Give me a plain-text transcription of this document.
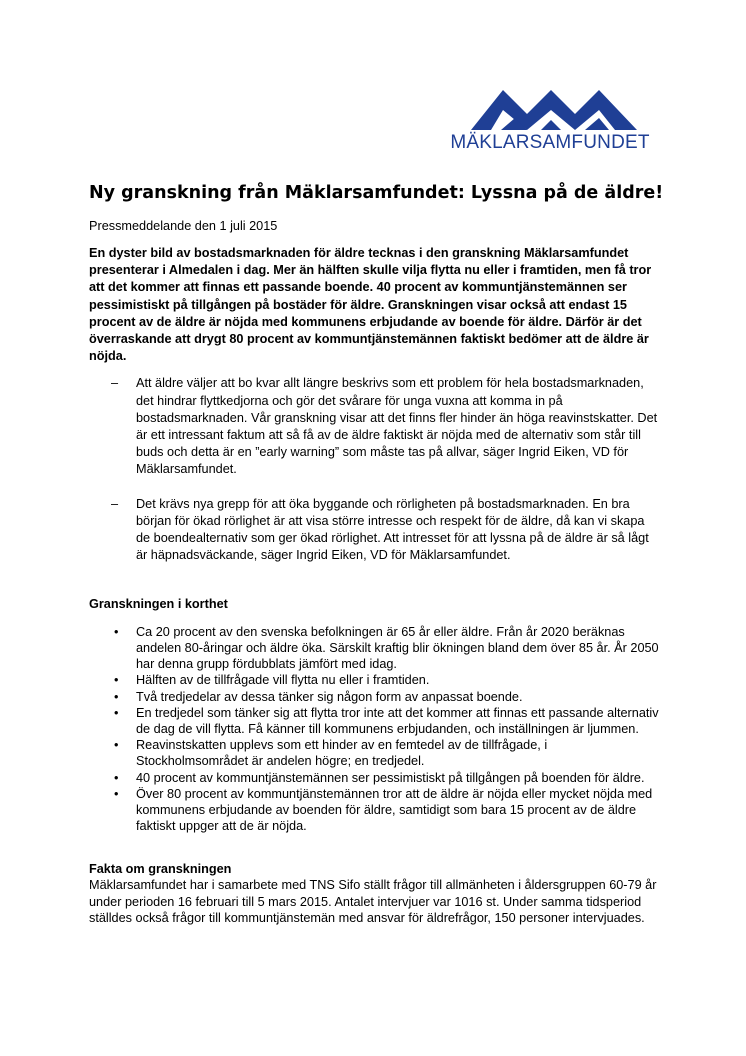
MÄKLARSAMFUNDET
Ny granskning från Mäklarsamfundet: Lyssna på de äldre!
Pressmeddelande den 1 juli 2015
En dyster bild av bostadsmarknaden för äldre tecknas i den granskning Mäklarsamfundet presenterar i Almedalen i dag. Mer än hälften skulle vilja flytta nu eller i framtiden, men få tror att det kommer att finnas ett passande boende. 40 procent av kommuntjänstemännen ser pessimistiskt på tillgången på bostäder för äldre. Granskningen visar också att endast 15 procent av de äldre är nöjda med kommunens erbjudande av boende för äldre. Därför är det överraskande att drygt 80 procent av kommuntjänstemännen faktiskt bedömer att de äldre är nöjda.
– Att äldre väljer att bo kvar allt längre beskrivs som ett problem för hela bostadsmarknaden, det hindrar flyttkedjorna och gör det svårare för unga vuxna att komma in på bostadsmarknaden. Vår granskning visar att det finns fler hinder än höga reavinstskatter. Det är ett intressant faktum att så få av de äldre faktiskt är nöjda med de alternativ som står till buds och detta är en ”early warning” som måste tas på allvar, säger Ingrid Eiken, VD för Mäklarsamfundet.
– Det krävs nya grepp för att öka byggande och rörligheten på bostadsmarknaden. En bra början för ökad rörlighet är att visa större intresse och respekt för de äldre, då kan vi skapa de boendealternativ som ger ökad rörlighet. Att intresset för att lyssna på de äldre är så lågt är häpnadsväckande, säger Ingrid Eiken, VD för Mäklarsamfundet.
Granskningen i korthet
• Ca 20 procent av den svenska befolkningen är 65 år eller äldre. Från år 2020 beräknas andelen 80-åringar och äldre öka. Särskilt kraftig blir ökningen bland dem över 85 år. År 2050 har denna grupp fördubblats jämfört med idag.
• Hälften av de tillfrågade vill flytta nu eller i framtiden.
• Två tredjedelar av dessa tänker sig någon form av anpassat boende.
• En tredjedel som tänker sig att flytta tror inte att det kommer att finnas ett passande alternativ de dag de vill flytta. Få känner till kommunens erbjudanden, och inställningen är ljummen.
• Reavinstskatten upplevs som ett hinder av en femtedel av de tillfrågade, i Stockholmsområdet är andelen högre; en tredjedel.
• 40 procent av kommuntjänstemännen ser pessimistiskt på tillgången på boenden för äldre.
• Över 80 procent av kommuntjänstemännen tror att de äldre är nöjda eller mycket nöjda med kommunens erbjudande av boenden för äldre, samtidigt som bara 15 procent av de äldre faktiskt uppger att de är nöjda.
Fakta om granskningen
Mäklarsamfundet har i samarbete med TNS Sifo ställt frågor till allmänheten i åldersgruppen 60-79 år under perioden 16 februari till 5 mars 2015. Antalet intervjuer var 1016 st. Under samma tidsperiod ställdes också frågor till kommuntjänstemän med ansvar för äldrefrågor, 150 personer intervjuades.
